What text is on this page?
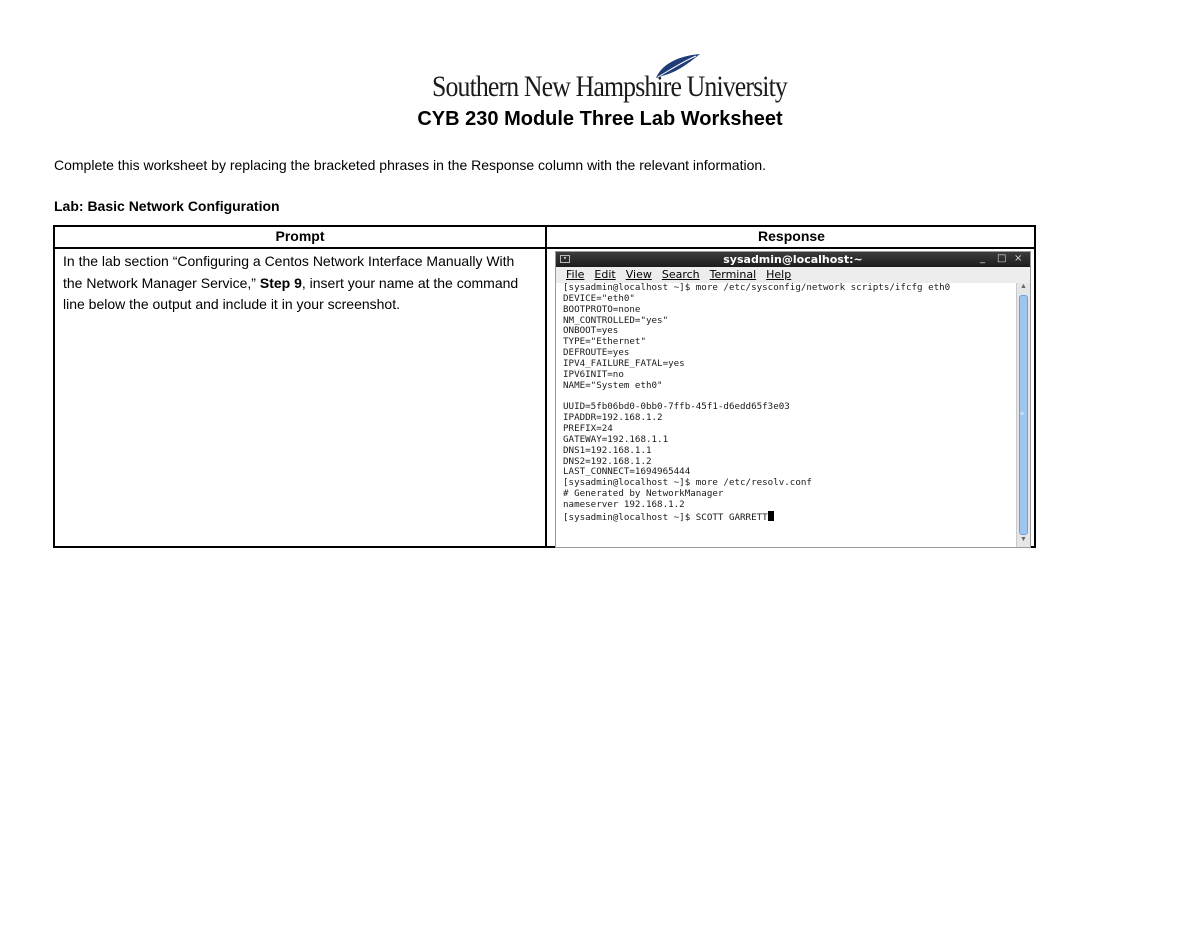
Southern New Hampshire University
CYB 230 Module Three Lab Worksheet
Complete this worksheet by replacing the bracketed phrases in the Response column with the relevant information.
Lab: Basic Network Configuration
Prompt	Response
In the lab section “Configuring a Centos Network Interface Manually With the Network Manager Service,” Step 9, insert your name at the command line below the output and include it in your screenshot.
▪	sysadmin@localhost:~	_ □ ×
File Edit View Search Terminal Help
[sysadmin@localhost ~]$ more /etc/sysconfig/network scripts/ifcfg eth0
DEVICE="eth0"
BOOTPROTO=none
NM_CONTROLLED="yes"
ONBOOT=yes
TYPE="Ethernet"
DEFROUTE=yes
IPV4_FAILURE_FATAL=yes
IPV6INIT=no
NAME="System eth0"
UUID=5fb06bd0-0bb0-7ffb-45f1-d6edd65f3e03
IPADDR=192.168.1.2
PREFIX=24
GATEWAY=192.168.1.1
DNS1=192.168.1.1
DNS2=192.168.1.2
LAST_CONNECT=1694965444
[sysadmin@localhost ~]$ more /etc/resolv.conf
# Generated by NetworkManager
nameserver 192.168.1.2
[sysadmin@localhost ~]$ SCOTT GARRETT
▲
≡
▼
